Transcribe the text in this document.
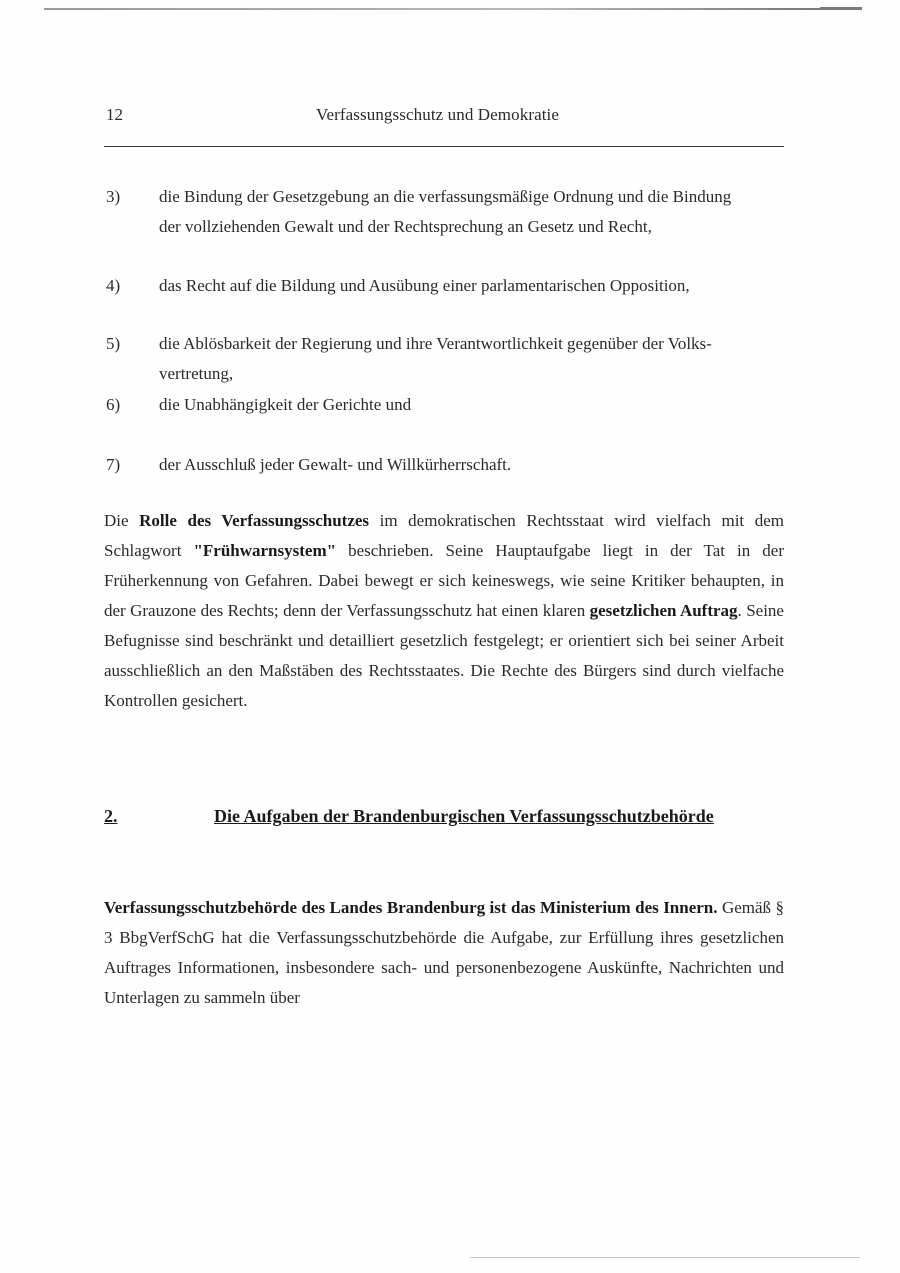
12	Verfassungsschutz und Demokratie
3) die Bindung der Gesetzgebung an die verfassungsmäßige Ordnung und die Bindung
der vollziehenden Gewalt und der Rechtsprechung an Gesetz und Recht,
4) das Recht auf die Bildung und Ausübung einer parlamentarischen Opposition,
5) die Ablösbarkeit der Regierung und ihre Verantwortlichkeit gegenüber der Volks-
vertretung,
6) die Unabhängigkeit der Gerichte und
7) der Ausschluß jeder Gewalt- und Willkürherrschaft.
Die Rolle des Verfassungsschutzes im demokratischen Rechtsstaat wird vielfach mit dem Schlagwort "Frühwarnsystem" beschrieben. Seine Hauptaufgabe liegt in der Tat in der Früherkennung von Gefahren. Dabei bewegt er sich keineswegs, wie seine Kritiker behaupten, in der Grauzone des Rechts; denn der Verfassungsschutz hat einen klaren gesetzlichen Auftrag. Seine Befugnisse sind beschränkt und detailliert gesetzlich festgelegt; er orientiert sich bei seiner Arbeit ausschließlich an den Maßstäben des Rechtsstaates. Die Rechte des Bürgers sind durch vielfache Kontrollen gesichert.
2.	Die Aufgaben der Brandenburgischen Verfassungsschutzbehörde
Verfassungsschutzbehörde des Landes Brandenburg ist das Ministerium des Innern. Gemäß § 3 BbgVerfSchG hat die Verfassungsschutzbehörde die Aufgabe, zur Erfüllung ihres gesetzlichen Auftrages Informationen, insbesondere sach- und personenbezogene Auskünfte, Nachrichten und Unterlagen zu sammeln über
